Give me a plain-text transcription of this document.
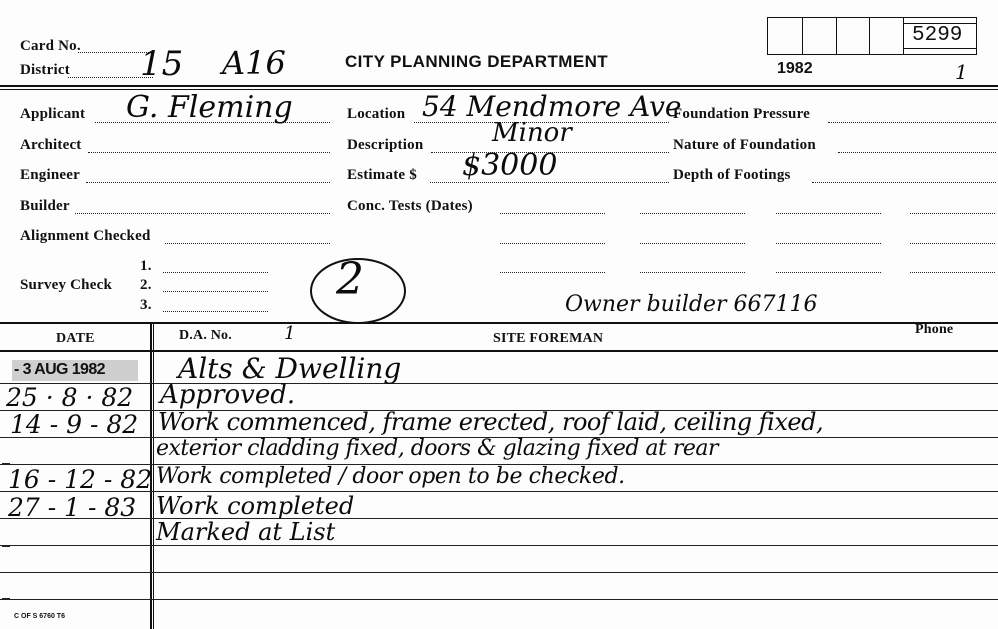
Card No.
District 15 A16	CITY PLANNING DEPARTMENT	1982
5299
1
Applicant G. Fleming
Architect
Engineer
Builder
Alignment Checked
Survey Check
1.
2.
3.	2
Location 54 Mendmore Ave
Description	Minor
Estimate $ $3000
Conc. Tests (Dates)
Foundation Pressure
Nature of Foundation
Depth of Footings
Owner builder 667116
DATE	D.A. No.	1	SITE FOREMAN
Phone
- 3 AUG 1982	Alts & Dwelling
25 · 8 · 82 Approved.
14 - 9 - 82 Work commenced, frame erected, roof laid, ceiling fixed,
exterior cladding fixed, doors & glazing fixed at rear
16 - 12 - 82 Work completed / door open to be checked.
27 - 1 - 83 Work completed
Marked at List
C OF S 6760 T6
